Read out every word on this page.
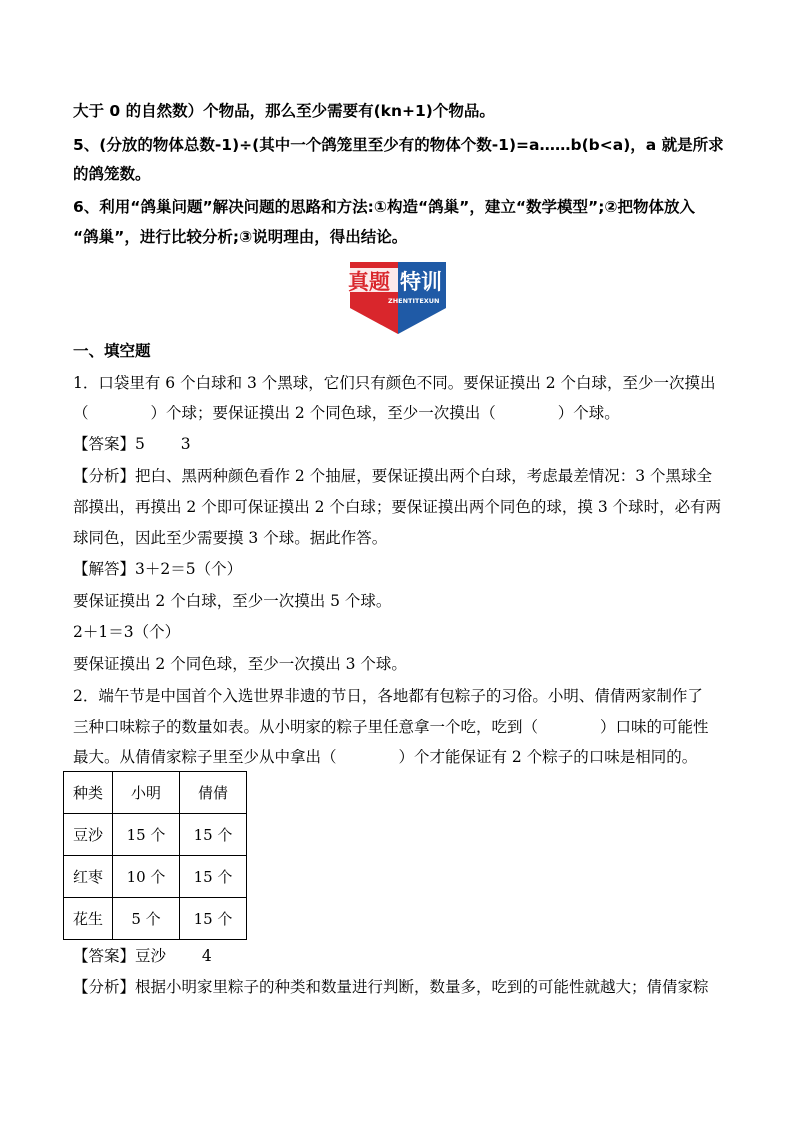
大于 0 的自然数）个物品，那么至少需要有(kn+1)个物品。
5、(分放的物体总数-1)÷(其中一个鸽笼里至少有的物体个数-1)=a……b(b<a)，a 就是所求
的鸽笼数。
6、利用“鸽巢问题”解决问题的思路和方法:①构造“鸽巢”，建立“数学模型”;②把物体放入
“鸽巢”，进行比较分析;③说明理由，得出结论。
真题 特训
ZHENTITEXUN
一、填空题
1．口袋里有 6 个白球和 3 个黑球，它们只有颜色不同。要保证摸出 2 个白球，至少一次摸出
（　　　　）个球；要保证摸出 2 个同色球，至少一次摸出（　　　　）个球。
【答案】5　　 3
【分析】把白、黑两种颜色看作 2 个抽屉，要保证摸出两个白球，考虑最差情况：3 个黑球全
部摸出，再摸出 2 个即可保证摸出 2 个白球；要保证摸出两个同色的球，摸 3 个球时，必有两
球同色，因此至少需要摸 3 个球。据此作答。
【解答】3＋2＝5（个）
要保证摸出 2 个白球，至少一次摸出 5 个球。
2＋1＝3（个）
要保证摸出 2 个同色球，至少一次摸出 3 个球。
2．端午节是中国首个入选世界非遗的节日，各地都有包粽子的习俗。小明、倩倩两家制作了
三种口味粽子的数量如表。从小明家的粽子里任意拿一个吃，吃到（　　　　）口味的可能性
最大。从倩倩家粽子里至少从中拿出（　　　　）个才能保证有 2 个粽子的口味是相同的。
种类	小明	倩倩
豆沙	15 个	15 个
红枣	10 个	15 个
花生	5 个	15 个
【答案】豆沙　　 4
【分析】根据小明家里粽子的种类和数量进行判断，数量多，吃到的可能性就越大；倩倩家粽
